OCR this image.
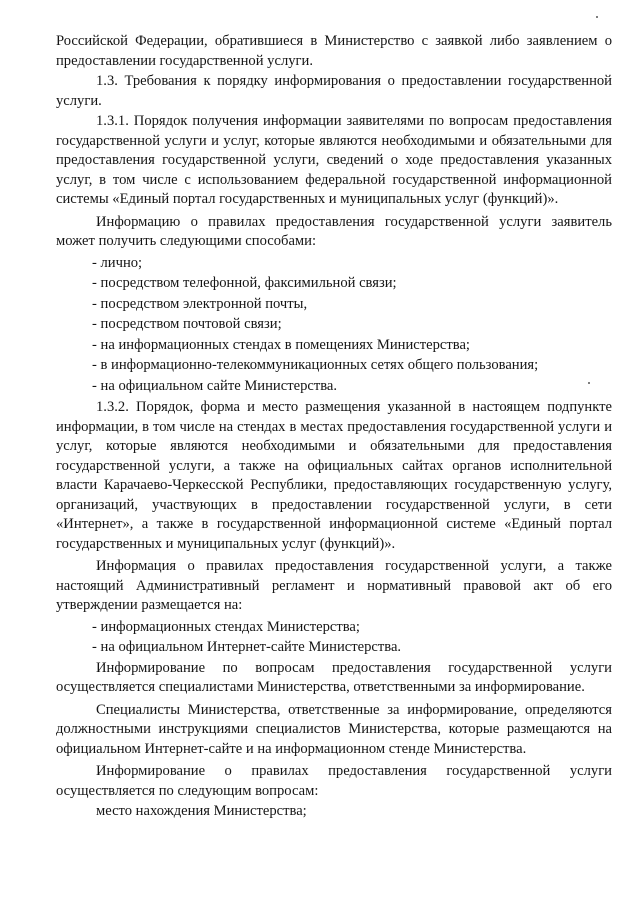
Российской Федерации, обратившиеся в Министерство с заявкой либо заявлением о предоставлении государственной услуги.

1.3. Требования к порядку информирования о предоставлении государственной услуги.

1.3.1. Порядок получения информации заявителями по вопросам предоставления государственной услуги и услуг, которые являются необходимыми и обязательными для предоставления государственной услуги, сведений о ходе предоставления указанных услуг, в том числе с использованием федеральной государственной информационной системы «Единый портал государственных и муниципальных услуг (функций)».

Информацию о правилах предоставления государственной услуги заявитель может получить следующими способами:

- лично;

- посредством телефонной, факсимильной связи;

- посредством электронной почты,

- посредством почтовой связи;

- на информационных стендах в помещениях Министерства;

- в информационно-телекоммуникационных сетях общего пользования;

- на официальном сайте Министерства.

1.3.2. Порядок, форма и место размещения указанной в настоящем подпункте информации, в том числе на стендах в местах предоставления государственной услуги и услуг, которые являются необходимыми и обязательными для предоставления государственной услуги, а также на официальных сайтах органов исполнительной власти Карачаево-Черкесской Республики, предоставляющих государственную услугу, организаций, участвующих в предоставлении государственной услуги, в сети «Интернет», а также в государственной информационной системе «Единый портал государственных и муниципальных услуг (функций)».

Информация о правилах предоставления государственной услуги, а также настоящий Административный регламент и нормативный правовой акт об его утверждении размещается на:

- информационных стендах Министерства;

- на официальном Интернет-сайте Министерства.

Информирование по вопросам предоставления государственной услуги осуществляется специалистами Министерства, ответственными за информирование.

Специалисты Министерства, ответственные за информирование, определяются должностными инструкциями специалистов Министерства, которые размещаются на официальном Интернет-сайте и на информационном стенде Министерства.

Информирование о правилах предоставления государственной услуги осуществляется по следующим вопросам:

место нахождения Министерства;
